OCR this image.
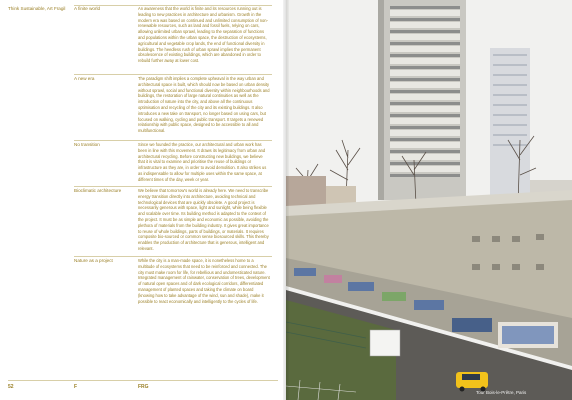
Think Sustainable, Art Fragil	A finite world	An awareness that the world is finite and its resources running out is leading to new practices in architecture and urbanism. Growth in the modern era was based on continued and unlimited consumption of non-renewable resources, such as land and fossil fuels, relying on cars, allowing unlimited urban sprawl, leading to the separation of functions and populations within the urban space, the destruction of ecosystems, agricultural and vegetable crop lands, the end of functional diversity in buildings. The heedless rush of urban sprawl implies the permanent obsolescence of existing buildings, which are abandoned in order to rebuild further away at lower cost.
A new era	The paradigm shift implies a complete upheaval in the way urban and architectural space is built, which should now be based on urban density without sprawl, social and functional diversity within neighbourhoods and buildings, the restoration of large natural continuities as well as the introduction of nature into the city, and above all the continuous optimisation and recycling of the city and its existing buildings. It also introduces a new take on transport, no longer based on using cars, but focused on walking, cycling and public transport. It targets a renewed relationship with public space, designed to be accessible to all and multifunctional.
No transition	Since we founded the practice, our architectural and urban work has been in line with this movement. It draws its legitimacy from urban and architectural recycling. Before constructing new buildings, we believe that it is vital to examine and prioritise the reuse of buildings or infrastructure as they are, in order to avoid demolition. It also strikes us as indispensable to allow for multiple uses within the same space, at different times of the day, week or year.
Bioclimatic architecture	We believe that tomorrow's world is already here. We need to transcribe energy transition directly into architecture, avoiding technical and technological devices that are quickly obsolete. A good project is necessarily generous with space, light and sunlight, while being flexible and scalable over time. Its building method is adapted to the context of the project. It must be as simple and economic as possible, avoiding the plethora of materials from the building industry. It gives great importance to reuse of whole buildings, parts of buildings, or materials. It requires composite bio-sourced or common sense biosourced skills. This thereby enables the production of architecture that is generous, intelligent and relevant.
Nature as a project	While the city is a man-made space, it is nonetheless home to a multitude of ecosystems that need to be reinforced and connected. The city must make room for life, for rebellious and undomesticated nature. Integrated management of rainwater, conservation of trees, development of natural open spaces and of dark ecological corridors, differentiated management of planted spaces and taking the climate on board (knowing how to take advantage of the wind, sun and shade), make it possible to react economically and intelligently to the cycles of life.
52	F	FRG
Tour Bois-le-Prêtre, Paris
